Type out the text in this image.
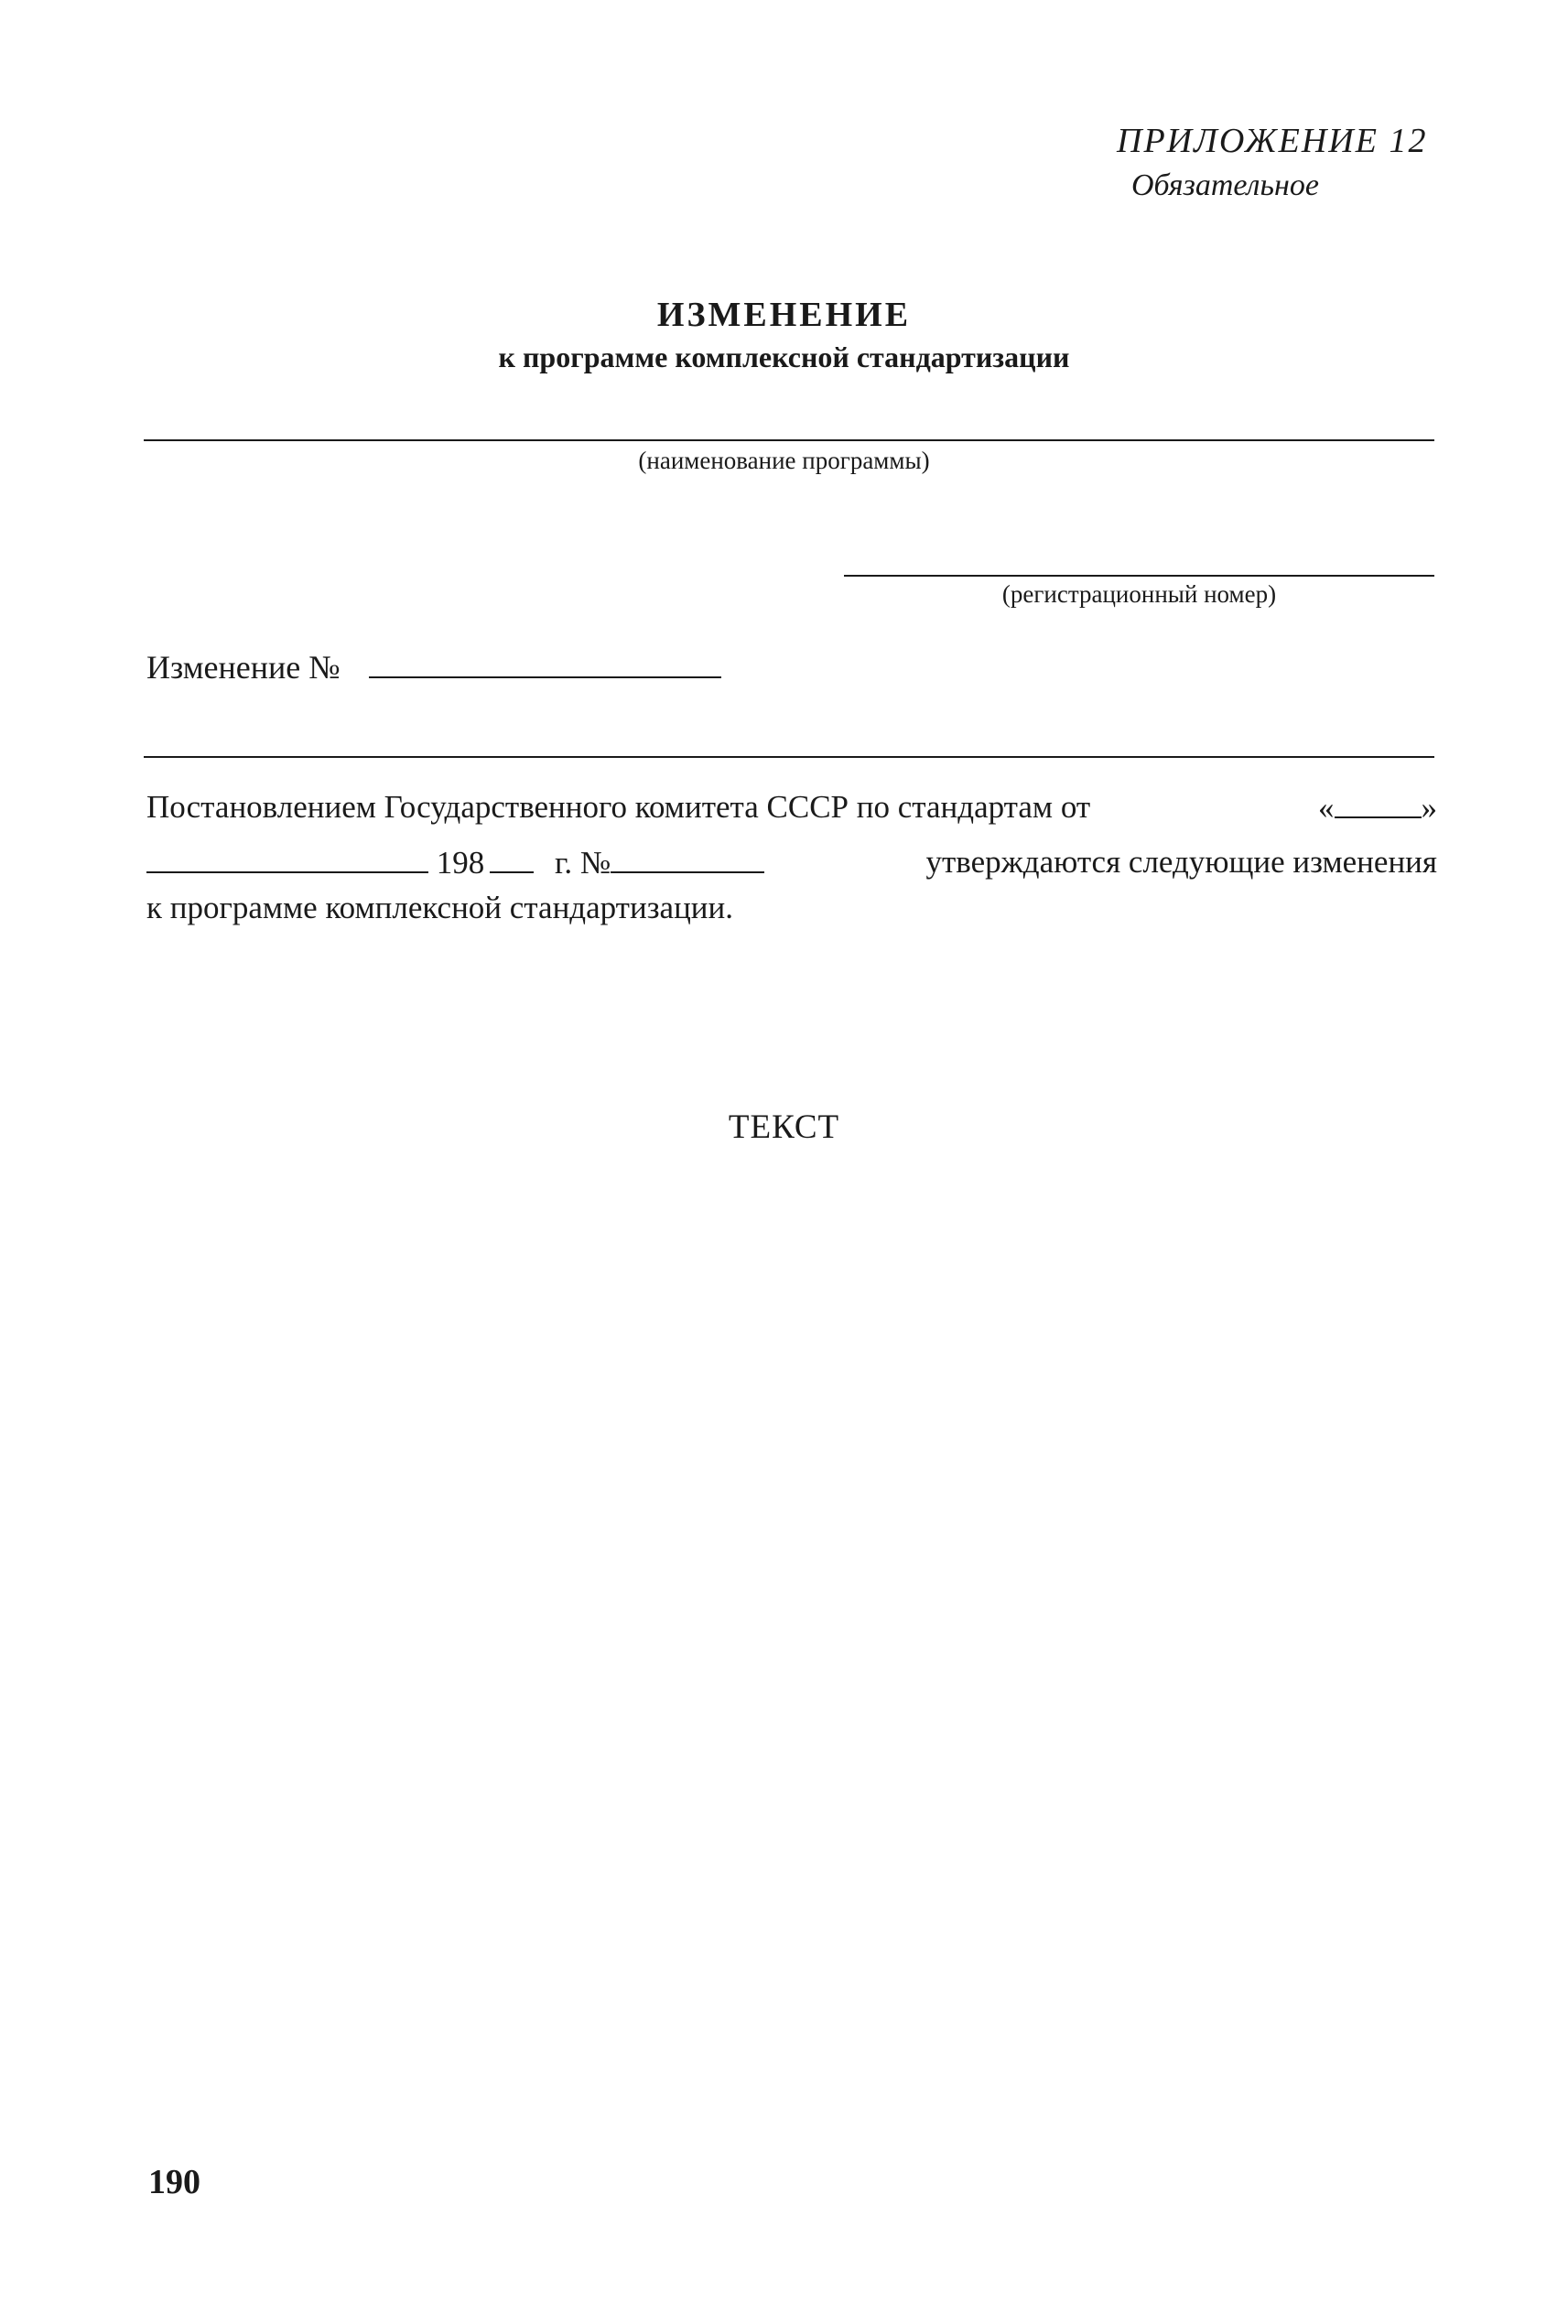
ПРИЛОЖЕНИЕ 12
Обязательное
ИЗМЕНЕНИЕ
к программе комплексной стандартизации
(наименование программы)
(регистрационный номер)
Изменение №
Постановлением Государственного комитета СССР по стандартам от	«	»
198 г. №	утверждаются следующие изменения
к программе комплексной стандартизации.
ТЕКСТ
190
